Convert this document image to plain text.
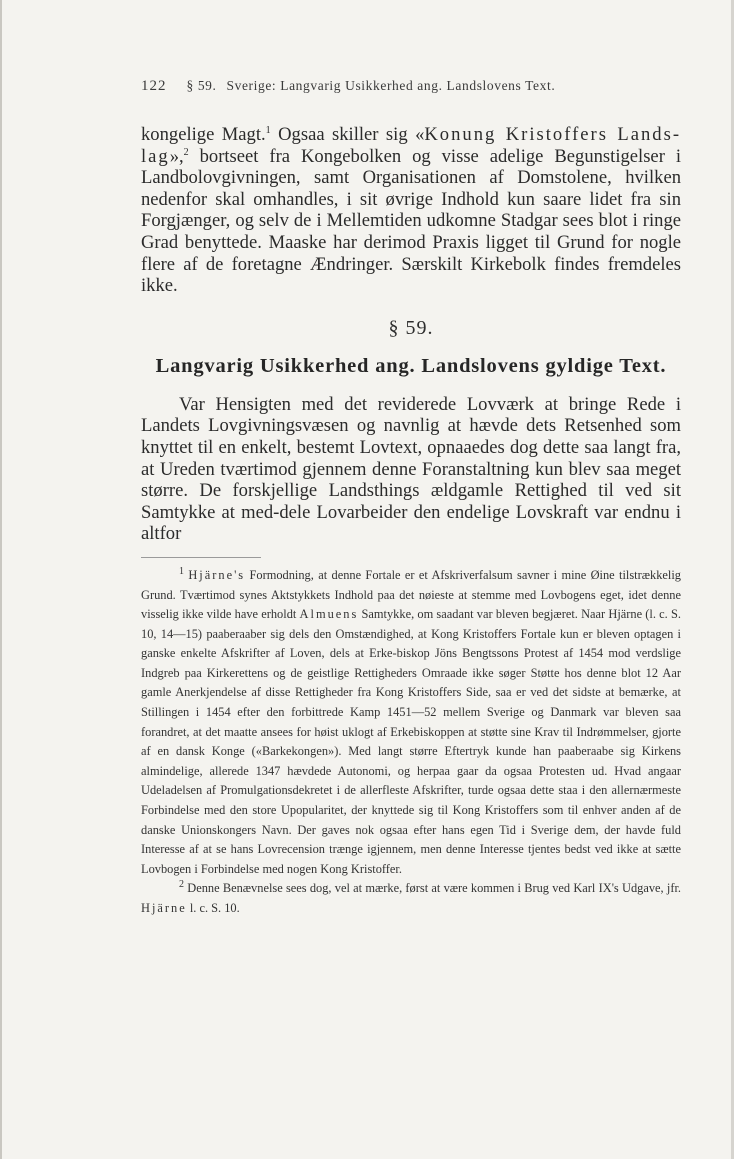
122 § 59. Sverige: Langvarig Usikkerhed ang. Landslovens Text.

kongelige Magt.$^1$ Ogsaa skiller sig «Konung Kristoffers Lands-lag»,$^2$ bortseet fra Kongebolken og visse adelige Begunstigelser i Landbolovgivningen, samt Organisationen af Domstolene, hvilken nedenfor skal omhandles, i sit øvrige Indhold kun saare lidet fra sin Forgjænger, og selv de i Mellemtiden udkomne Stadgar sees blot i ringe Grad benyttede. Maaske har derimod Praxis ligget til Grund for nogle flere af de foretagne Ændringer. Særskilt Kirkebolk findes fremdeles ikke.

§ 59.
Langvarig Usikkerhed ang. Landslovens gyldige Text.

Var Hensigten med det reviderede Lovværk at bringe Rede i Landets Lovgivningsvæsen og navnlig at hævde dets Retsenhed som knyttet til en enkelt, bestemt Lovtext, opnaaedes dog dette saa langt fra, at Ureden tværtimod gjennem denne Foranstaltning kun blev saa meget større. De forskjellige Landsthings ældgamle Rettighed til ved sit Samtykke at med-dele Lovarbeider den endelige Lovskraft var endnu i altfor

$^1$ Hjärne's Formodning, at denne Fortale er et Afskriverfalsum savner i mine Øine tilstrækkelig Grund. Tværtimod synes Aktstykkets Indhold paa det nøieste at stemme med Lovbogens eget, idet denne visselig ikke vilde have erholdt Almuens Samtykke, om saadant var bleven begjæret. Naar Hjärne (l. c. S. 10, 14—15) paaberaaber sig dels den Omstændighed, at Kong Kristoffers Fortale kun er bleven optagen i ganske enkelte Afskrifter af Loven, dels at Erke-biskop Jöns Bengtssons Protest af 1454 mod verdslige Indgreb paa Kirkerettens og de geistlige Rettigheders Omraade ikke søger Støtte hos denne blot 12 Aar gamle Anerkjendelse af disse Rettigheder fra Kong Kristoffers Side, saa er ved det sidste at bemærke, at Stillingen i 1454 efter den forbittrede Kamp 1451—52 mellem Sverige og Danmark var bleven saa forandret, at det maatte ansees for høist uklogt af Erkebiskoppen at støtte sine Krav til Indrømmelser, gjorte af en dansk Konge («Barkekongen»). Med langt større Eftertryk kunde han paaberaabe sig Kirkens almindelige, allerede 1347 hævdede Autonomi, og herpaa gaar da ogsaa Protesten ud. Hvad angaar Udeladelsen af Promulgationsdekretet i de allerfleste Afskrifter, turde ogsaa dette staa i den allernærmeste Forbindelse med den store Upopularitet, der knyttede sig til Kong Kristoffers som til enhver anden af de danske Unionskongers Navn. Der gaves nok ogsaa efter hans egen Tid i Sverige dem, der havde fuld Interesse af at se hans Lovrecension trænge igjennem, men denne Interesse tjentes bedst ved ikke at sætte Lovbogen i Forbindelse med nogen Kong Kristoffer.

$^2$ Denne Benævnelse sees dog, vel at mærke, først at være kommen i Brug ved Karl IX's Udgave, jfr. Hjärne l. c. S. 10.
